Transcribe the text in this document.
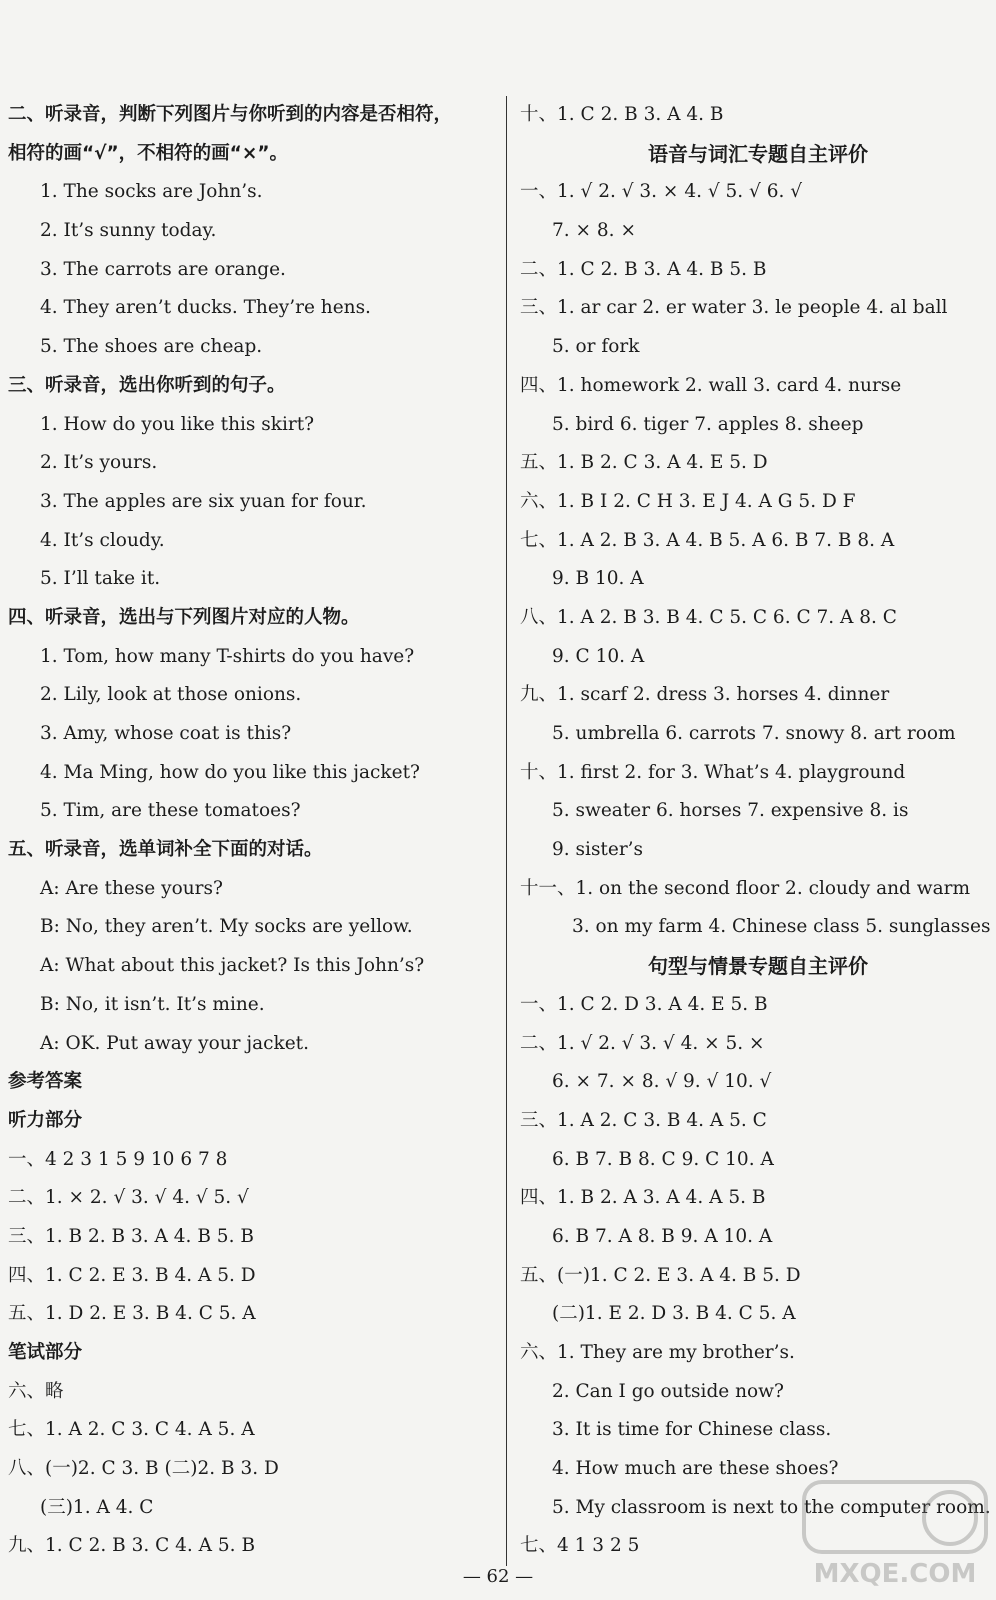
二、听录音，判断下列图片与你听到的内容是否相符，
相符的画“√”，不相符的画“×”。
1. The socks are John’s.
2. It’s sunny today.
3. The carrots are orange.
4. They aren’t ducks. They’re hens.
5. The shoes are cheap.
三、听录音，选出你听到的句子。
1. How do you like this skirt?
2. It’s yours.
3. The apples are six yuan for four.
4. It’s cloudy.
5. I’ll take it.
四、听录音，选出与下列图片对应的人物。
1. Tom, how many T-shirts do you have?
2. Lily, look at those onions.
3. Amy, whose coat is this?
4. Ma Ming, how do you like this jacket?
5. Tim, are these tomatoes?
五、听录音，选单词补全下面的对话。
A: Are these yours?
B: No, they aren’t. My socks are yellow.
A: What about this jacket? Is this John’s?
B: No, it isn’t. It’s mine.
A: OK. Put away your jacket.
参考答案
听力部分
一、4 2 3 1 5 9 10 6 7 8
二、1. × 2. √ 3. √ 4. √ 5. √
三、1. B 2. B 3. A 4. B 5. B
四、1. C 2. E 3. B 4. A 5. D
五、1. D 2. E 3. B 4. C 5. A
笔试部分
六、略
七、1. A 2. C 3. C 4. A 5. A
八、(一)2. C 3. B (二)2. B 3. D
(三)1. A 4. C
九、1. C 2. B 3. C 4. A 5. B
十、1. C 2. B 3. A 4. B
语音与词汇专题自主评价
一、1. √ 2. √ 3. × 4. √ 5. √ 6. √
7. × 8. ×
二、1. C 2. B 3. A 4. B 5. B
三、1. ar car 2. er water 3. le people 4. al ball
5. or fork
四、1. homework 2. wall 3. card 4. nurse
5. bird 6. tiger 7. apples 8. sheep
五、1. B 2. C 3. A 4. E 5. D
六、1. B I 2. C H 3. E J 4. A G 5. D F
七、1. A 2. B 3. A 4. B 5. A 6. B 7. B 8. A
9. B 10. A
八、1. A 2. B 3. B 4. C 5. C 6. C 7. A 8. C
9. C 10. A
九、1. scarf 2. dress 3. horses 4. dinner
5. umbrella 6. carrots 7. snowy 8. art room
十、1. first 2. for 3. What’s 4. playground
5. sweater 6. horses 7. expensive 8. is
9. sister’s
十一、1. on the second floor 2. cloudy and warm
3. on my farm 4. Chinese class 5. sunglasses
句型与情景专题自主评价
一、1. C 2. D 3. A 4. E 5. B
二、1. √ 2. √ 3. √ 4. × 5. ×
6. × 7. × 8. √ 9. √ 10. √
三、1. A 2. C 3. B 4. A 5. C
6. B 7. B 8. C 9. C 10. A
四、1. B 2. A 3. A 4. A 5. B
6. B 7. A 8. B 9. A 10. A
五、(一)1. C 2. E 3. A 4. B 5. D
(二)1. E 2. D 3. B 4. C 5. A
六、1. They are my brother’s.
2. Can I go outside now?
3. It is time for Chinese class.
4. How much are these shoes?
5. My classroom is next to the computer room.
七、4 1 3 2 5
— 62 —	MXQE.COM
